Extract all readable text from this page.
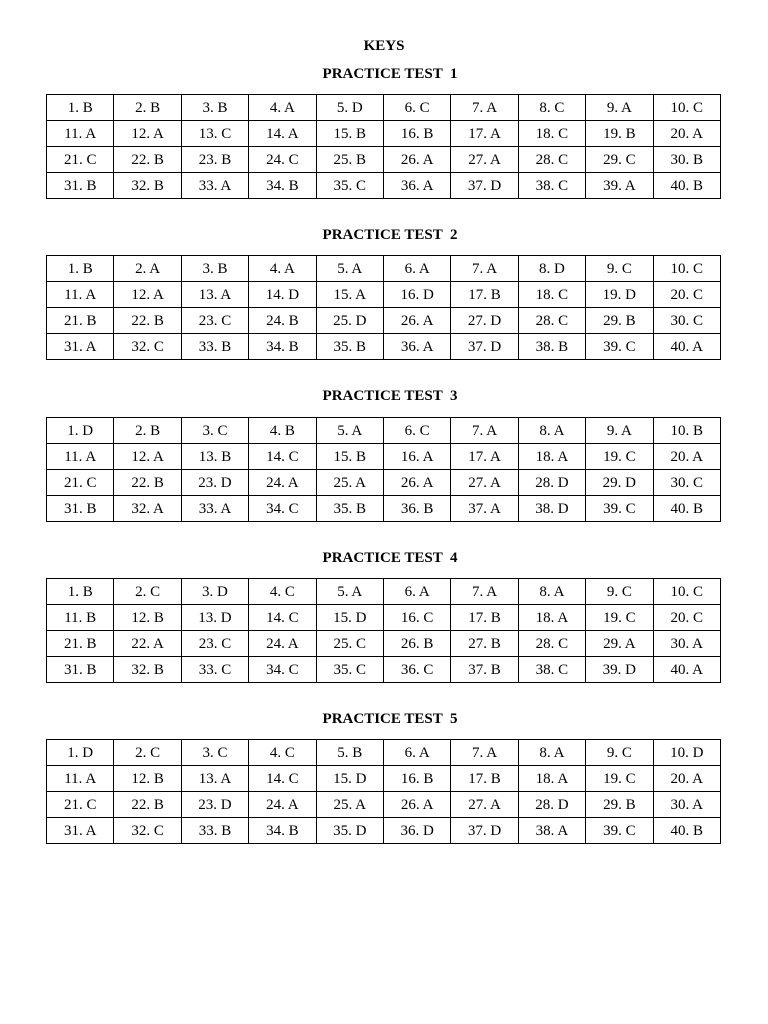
KEYS
PRACTICE TEST  1
1. B	2. B	3. B	4. A	5. D	6. C	7. A	8. C	9. A	10. C
11. A	12. A	13. C	14. A	15. B	16. B	17. A	18. C	19. B	20. A
21. C	22. B	23. B	24. C	25. B	26. A	27. A	28. C	29. C	30. B
31. B	32. B	33. A	34. B	35. C	36. A	37. D	38. C	39. A	40. B
PRACTICE TEST  2
1. B	2. A	3. B	4. A	5. A	6. A	7. A	8. D	9. C	10. C
11. A	12. A	13. A	14. D	15. A	16. D	17. B	18. C	19. D	20. C
21. B	22. B	23. C	24. B	25. D	26. A	27. D	28. C	29. B	30. C
31. A	32. C	33. B	34. B	35. B	36. A	37. D	38. B	39. C	40. A
PRACTICE TEST  3
1. D	2. B	3. C	4. B	5. A	6. C	7. A	8. A	9. A	10. B
11. A	12. A	13. B	14. C	15. B	16. A	17. A	18. A	19. C	20. A
21. C	22. B	23. D	24. A	25. A	26. A	27. A	28. D	29. D	30. C
31. B	32. A	33. A	34. C	35. B	36. B	37. A	38. D	39. C	40. B
PRACTICE TEST  4
1. B	2. C	3. D	4. C	5. A	6. A	7. A	8. A	9. C	10. C
11. B	12. B	13. D	14. C	15. D	16. C	17. B	18. A	19. C	20. C
21. B	22. A	23. C	24. A	25. C	26. B	27. B	28. C	29. A	30. A
31. B	32. B	33. C	34. C	35. C	36. C	37. B	38. C	39. D	40. A
PRACTICE TEST  5
1. D	2. C	3. C	4. C	5. B	6. A	7. A	8. A	9. C	10. D
11. A	12. B	13. A	14. C	15. D	16. B	17. B	18. A	19. C	20. A
21. C	22. B	23. D	24. A	25. A	26. A	27. A	28. D	29. B	30. A
31. A	32. C	33. B	34. B	35. D	36. D	37. D	38. A	39. C	40. B
